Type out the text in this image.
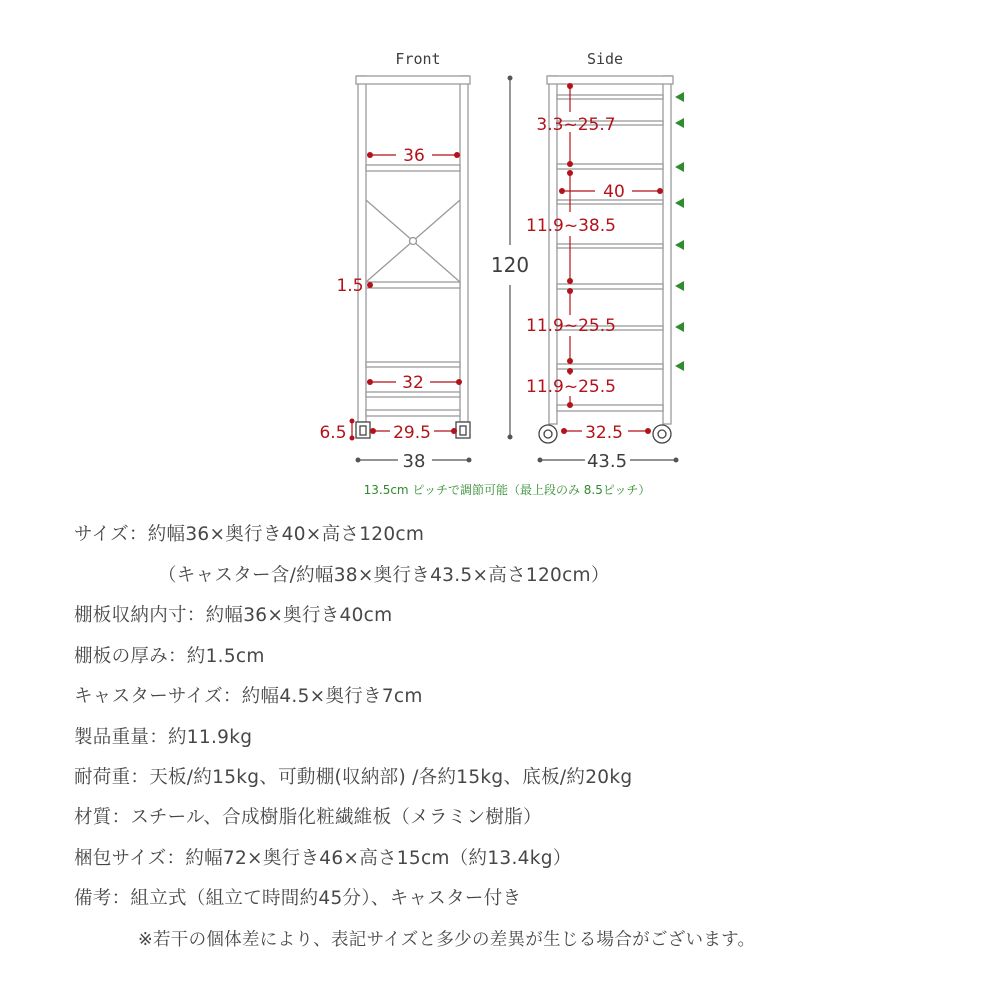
Front
36
1.5
32
6.5	29.5
38
120
Side
3.3~25.7
40
11.9~38.5
11.9~25.5
11.9~25.5
32.5
43.5
13.5cm ピッチで調節可能（最上段のみ 8.5ピッチ）
サイズ：約幅36×奥行き40×高さ120cm
（キャスター含/約幅38×奥行き43.5×高さ120cm）
棚板収納内寸：約幅36×奥行き40cm
棚板の厚み：約1.5cm
キャスターサイズ：約幅4.5×奥行き7cm
製品重量：約11.9kg
耐荷重：天板/約15kg、可動棚(収納部) /各約15kg、底板/約20kg
材質：スチール、合成樹脂化粧繊維板（メラミン樹脂）
梱包サイズ：約幅72×奥行き46×高さ15cm（約13.4kg）
備考：組立式（組立て時間約45分）、キャスター付き
※若干の個体差により、表記サイズと多少の差異が生じる場合がございます。
